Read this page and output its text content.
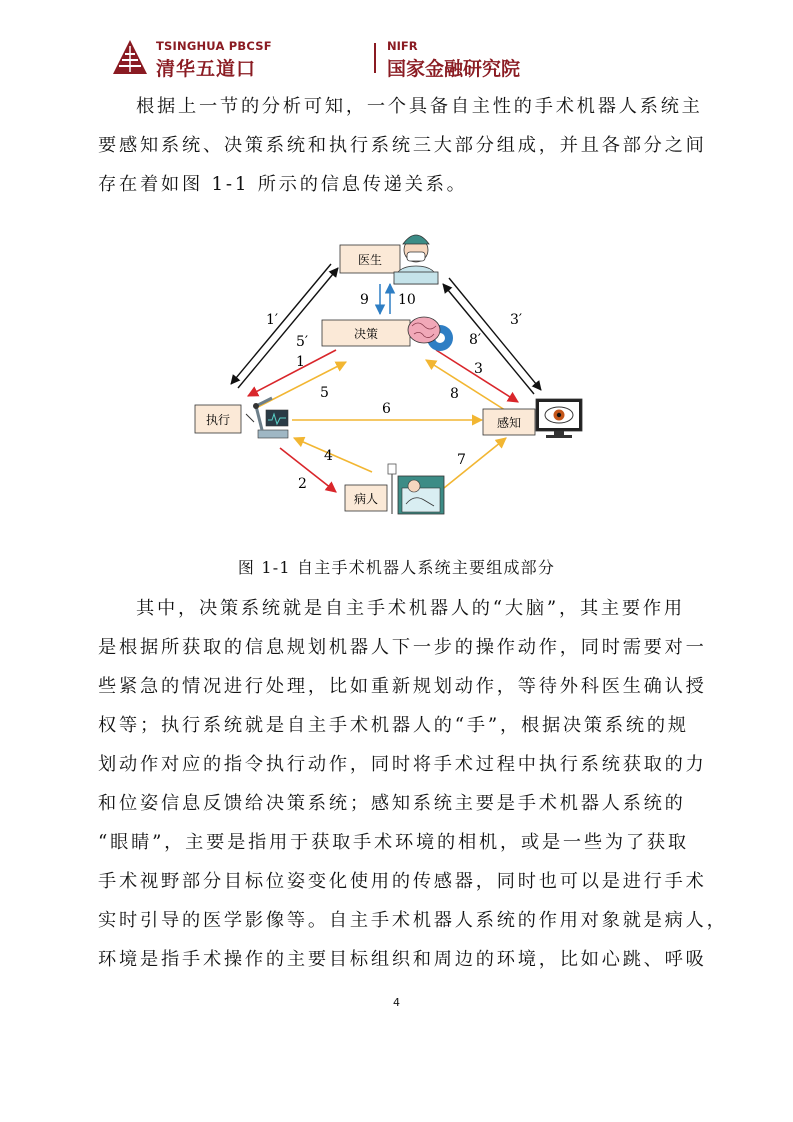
TSINGHUA PBCSF
清华五道口
NIFR
国家金融研究院
根据上一节的分析可知，一个具备自主性的手术机器人系统主
要感知系统、决策系统和执行系统三大部分组成，并且各部分之间
存在着如图 1-1 所示的信息传递关系。
医生
决策
执行	感知
病人
1′
5′
3′
8′
9 10
1
5
3
8
6
4
2
7
图 1-1 自主手术机器人系统主要组成部分
其中，决策系统就是自主手术机器人的“大脑”，其主要作用
是根据所获取的信息规划机器人下一步的操作动作，同时需要对一
些紧急的情况进行处理，比如重新规划动作，等待外科医生确认授
权等；执行系统就是自主手术机器人的“手”，根据决策系统的规
划动作对应的指令执行动作，同时将手术过程中执行系统获取的力
和位姿信息反馈给决策系统；感知系统主要是手术机器人系统的
“眼睛”，主要是指用于获取手术环境的相机，或是一些为了获取
手术视野部分目标位姿变化使用的传感器，同时也可以是进行手术
实时引导的医学影像等。自主手术机器人系统的作用对象就是病人，
环境是指手术操作的主要目标组织和周边的环境，比如心跳、呼吸
4
